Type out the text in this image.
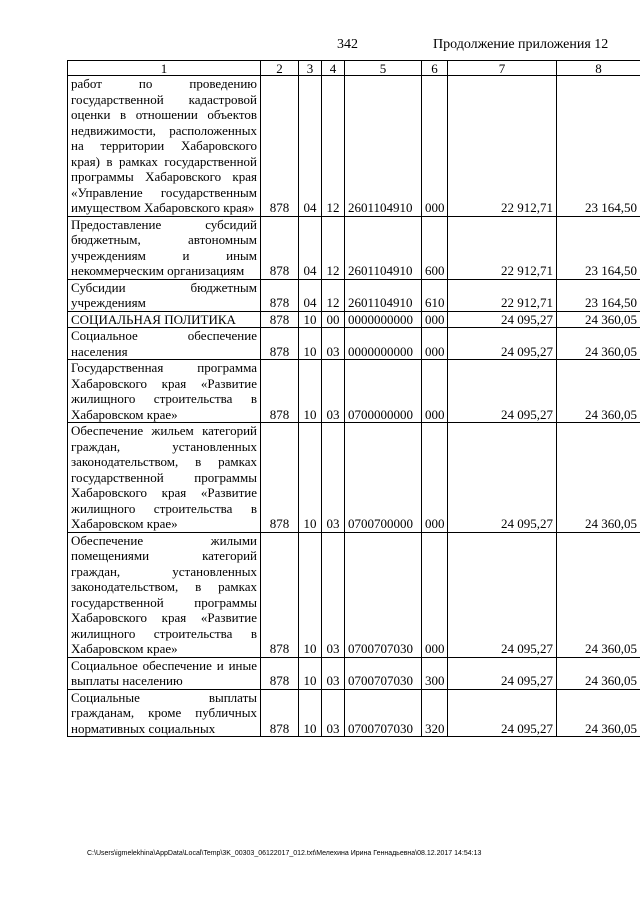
342	Продолжение приложения 12
1	2	3	4	5	6	7	8
работ по проведению государственной кадастровой оценки в отношении объектов недвижимости, расположенных на территории Хабаровского края) в рамках государственной программы Хабаровского края «Управление государственным имуществом Хабаровского края»	878	04	12	2601104910	000	22 912,71	23 164,50
Предоставление субсидий бюджетным, автономным учреждениям и иным некоммерческим организациям	878	04	12	2601104910	600	22 912,71	23 164,50
Субсидии бюджетным учреждениям	878	04	12	2601104910	610	22 912,71	23 164,50
СОЦИАЛЬНАЯ ПОЛИТИКА	878	10	00	0000000000	000	24 095,27	24 360,05
Социальное обеспечение населения	878	10	03	0000000000	000	24 095,27	24 360,05
Государственная программа Хабаровского края «Развитие жилищного строительства в Хабаровском крае»	878	10	03	0700000000	000	24 095,27	24 360,05
Обеспечение жильем категорий граждан, установленных законодательством, в рамках государственной программы Хабаровского края «Развитие жилищного строительства в Хабаровском крае»	878	10	03	0700700000	000	24 095,27	24 360,05
Обеспечение жилыми помещениями категорий граждан, установленных законодательством, в рамках государственной программы Хабаровского края «Развитие жилищного строительства в Хабаровском крае»	878	10	03	0700707030	000	24 095,27	24 360,05
Социальное обеспечение и иные выплаты населению	878	10	03	0700707030	300	24 095,27	24 360,05
Социальные выплаты гражданам, кроме публичных нормативных социальных	878	10	03	0700707030	320	24 095,27	24 360,05
C:\Users\igmelekhina\AppData\Local\Temp\3K_00303_06122017_012.txt\Мелехина Ирина Геннадьевна\08.12.2017 14:54:13
